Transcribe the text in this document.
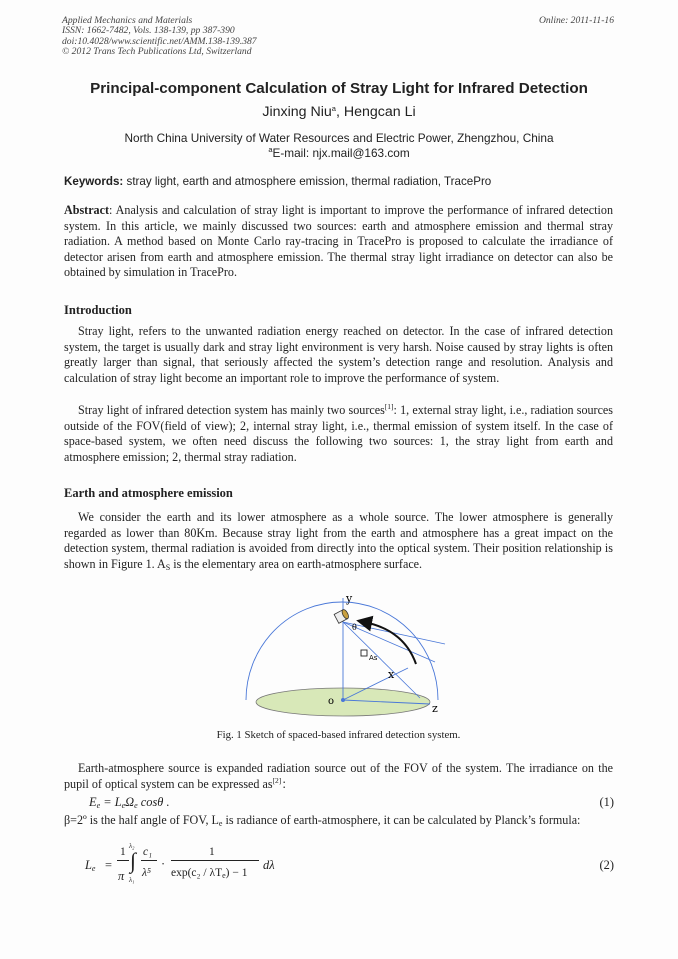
Applied Mechanics and Materials
ISSN: 1662-7482, Vols. 138-139, pp 387-390
doi:10.4028/www.scientific.net/AMM.138-139.387
© 2012 Trans Tech Publications Ltd, Switzerland
Online: 2011-11-16
Principal-component Calculation of Stray Light for Infrared Detection
Jinxing Niu$^a$, Hengcan Li
North China University of Water Resources and Electric Power, Zhengzhou, China
$^a$E-mail: njx.mail@163.com
Keywords: stray light, earth and atmosphere emission, thermal radiation, TracePro
Abstract: Analysis and calculation of stray light is important to improve the performance of infrared detection system. In this article, we mainly discussed two sources: earth and atmosphere emission and thermal stray radiation. A method based on Monte Carlo ray-tracing in TracePro is proposed to calculate the irradiance of detector arisen from earth and atmosphere emission. The thermal stray light irradiance on detector can also be obtained by simulation in TracePro.
Introduction
Stray light, refers to the unwanted radiation energy reached on detector. In the case of infrared detection system, the target is usually dark and stray light environment is very harsh. Noise caused by stray lights is often greatly larger than signal, that seriously affected the system’s detection range and resolution. Analysis and calculation of stray light become an important role to improve the performance of system.
Stray light of infrared detection system has mainly two sources[1]: 1, external stray light, i.e., radiation sources outside of the FOV(field of view); 2, internal stray light, i.e., thermal emission of system itself. In the case of space-based system, we often need discuss the following two sources: 1, the stray light from earth and atmosphere emission; 2, thermal stray radiation.
Earth and atmosphere emission
We consider the earth and its lower atmosphere as a whole source. The lower atmosphere is generally regarded as lower than 80Km. Because stray light from the earth and atmosphere has a great impact on the detection system, thermal radiation is avoided from directly into the optical system. Their position relationship is shown in Figure 1. $A_S$ is the elementary area on earth-atmosphere surface.
y
θ
As
x
o
z
Fig. 1 Sketch of spaced-based infrared detection system.
Earth-atmosphere source is expanded radiation source out of the FOV of the system. The irradiance on the pupil of optical system can be expressed as[2]：
$E_e = L_e\Omega_e$ cosθ .	(1)
β=2º is the half angle of FOV, $L_e$ is radiance of earth-atmosphere, it can be calculated by Planck’s formula:
$L_e$ =
1
π
λ₂
∫
λ₁
c₁
λ⁵
·
1
$\exp(c_2 / \lambda T_e) - 1$
dλ	(2)
